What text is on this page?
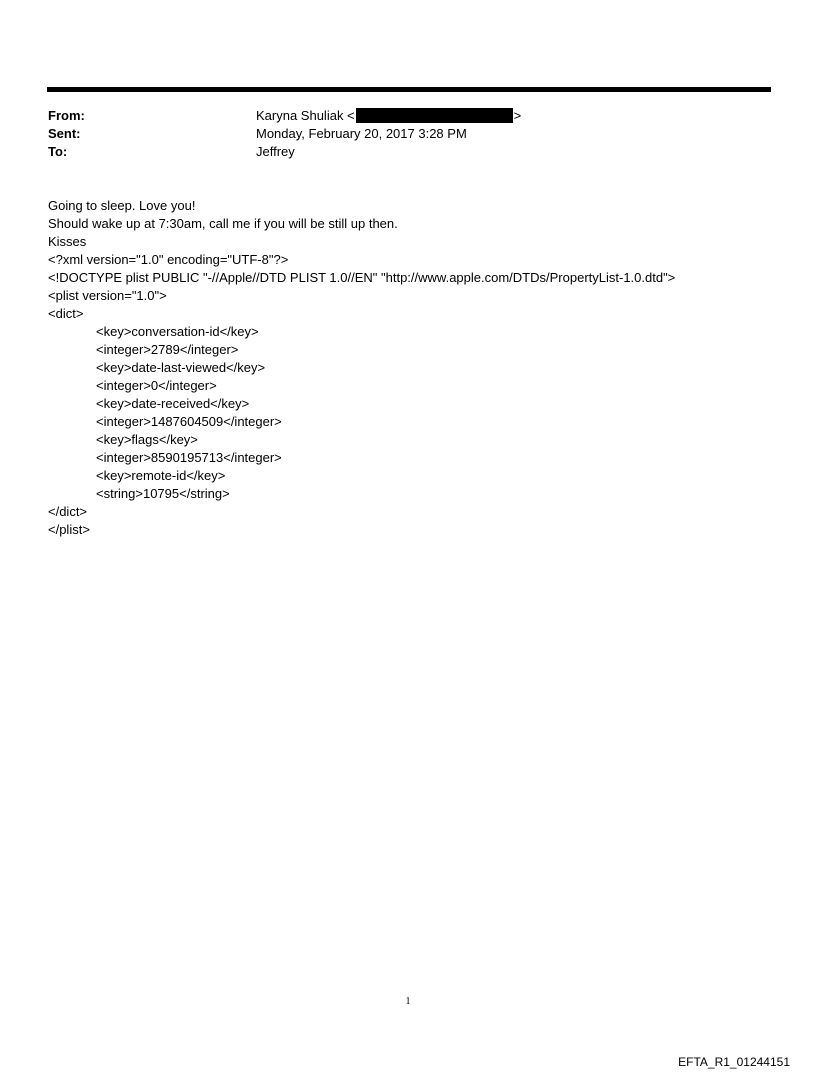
From:	Karyna Shuliak <	>
Sent:	Monday, February 20, 2017 3:28 PM
To:	Jeffrey
Going to sleep. Love you!
Should wake up at 7:30am, call me if you will be still up then.
Kisses
<?xml version="1.0" encoding="UTF-8"?>
<!DOCTYPE plist PUBLIC "-//Apple//DTD PLIST 1.0//EN" "http://www.apple.com/DTDs/PropertyList-1.0.dtd">
<plist version="1.0">
<dict>
<key>conversation-id</key>
<integer>2789</integer>
<key>date-last-viewed</key>
<integer>0</integer>
<key>date-received</key>
<integer>1487604509</integer>
<key>flags</key>
<integer>8590195713</integer>
<key>remote-id</key>
<string>10795</string>
</dict>
</plist>
1
EFTA_R1_01244151
